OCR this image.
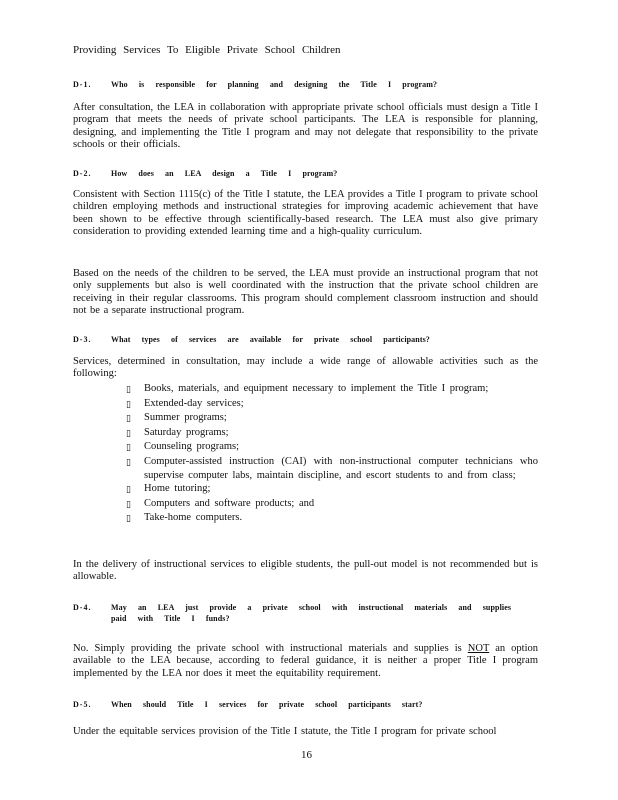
Providing Services To Eligible Private School Children
D-1. Who is responsible for planning and designing the Title I program?
After consultation, the LEA in collaboration with appropriate private school officials must design a Title I program that meets the needs of private school participants. The LEA is responsible for planning, designing, and implementing the Title I program and may not delegate that responsibility to the private schools or their officials.
D-2. How does an LEA design a Title I program?
Consistent with Section 1115(c) of the Title I statute, the LEA provides a Title I program to private school children employing methods and instructional strategies for improving academic achievement that have been shown to be effective through scientifically-based research. The LEA must also give primary consideration to providing extended learning time and a high-quality curriculum.
Based on the needs of the children to be served, the LEA must provide an instructional program that not only supplements but also is well coordinated with the instruction that the private school children are receiving in their regular classrooms. This program should complement classroom instruction and should not be a separate instructional program.
D-3. What types of services are available for private school participants?
Services, determined in consultation, may include a wide range of allowable activities such as the following:
▯ Books, materials, and equipment necessary to implement the Title I program;
▯ Extended-day services;
▯ Summer programs;
▯ Saturday programs;
▯ Counseling programs;
▯ Computer-assisted instruction (CAI) with non-instructional computer technicians who supervise computer labs, maintain discipline, and escort students to and from class;
▯ Home tutoring;
▯ Computers and software products; and
▯ Take-home computers.
In the delivery of instructional services to eligible students, the pull-out model is not recommended but is allowable.
D-4. May an LEA just provide a private school with instructional materials and supplies
paid with Title I funds?
No. Simply providing the private school with instructional materials and supplies is NOT an option available to the LEA because, according to federal guidance, it is neither a proper Title I program implemented by the LEA nor does it meet the equitability requirement.
D-5. When should Title I services for private school participants start?
Under the equitable services provision of the Title I statute, the Title I program for private school
16
